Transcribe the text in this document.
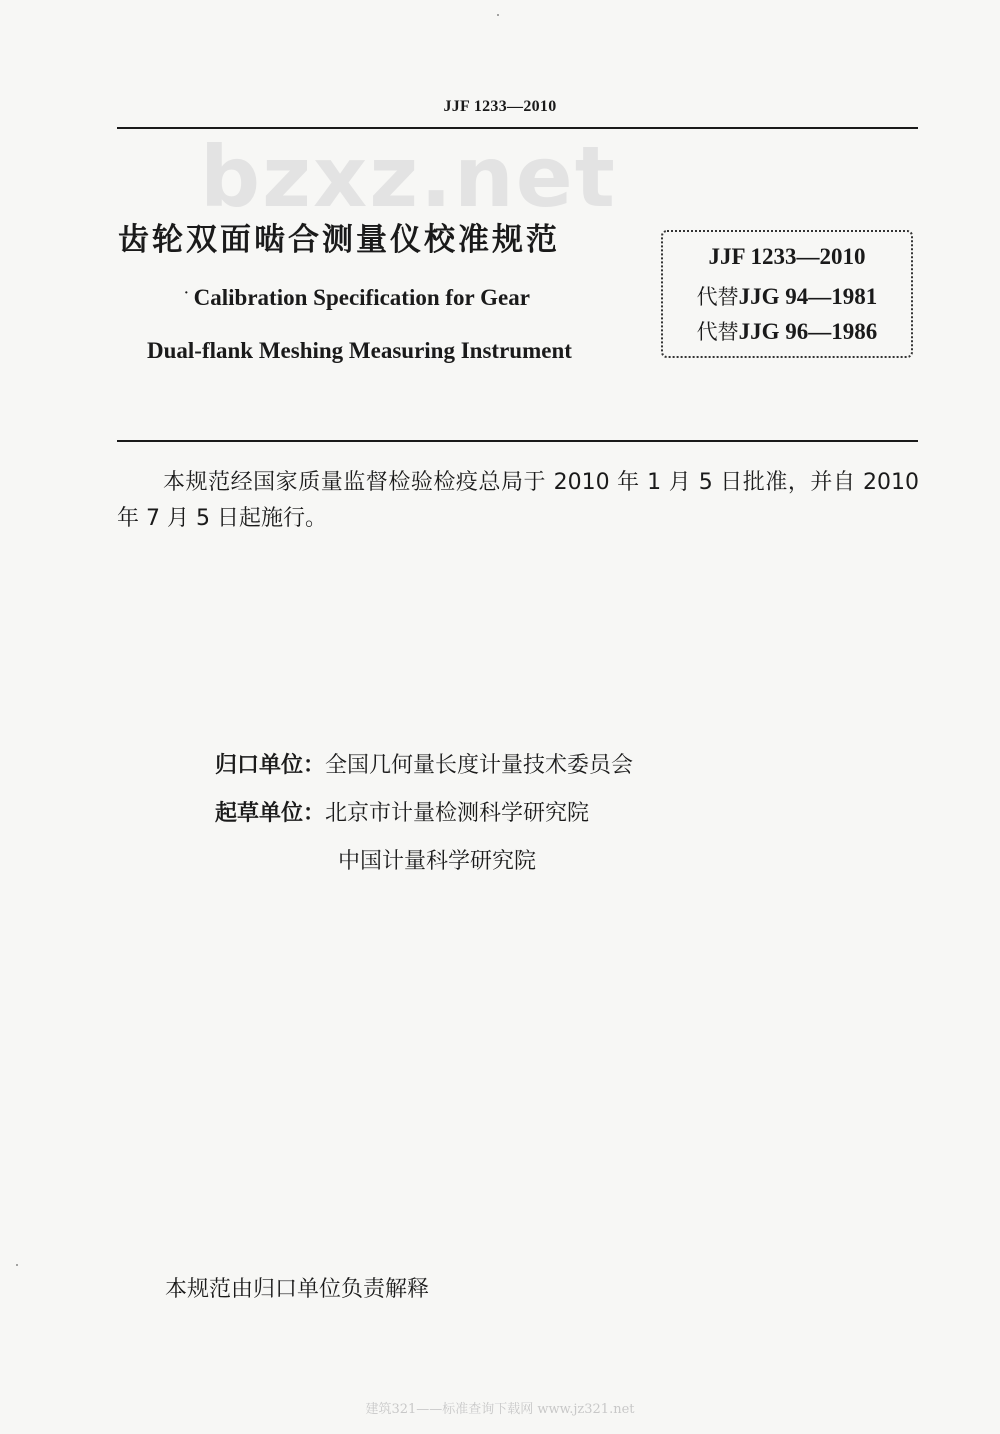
JJF 1233—2010
bzxz.net
齿轮双面啮合测量仪校准规范
· Calibration Specification for Gear
Dual-flank Meshing Measuring Instrument
JJF 1233—2010
代替JJG 94—1981
代替JJG 96—1986
本规范经国家质量监督检验检疫总局于 2010 年 1 月 5 日批准，并自 2010 年 7 月 5 日起施行。
归口单位：全国几何量长度计量技术委员会
起草单位：北京市计量检测科学研究院
中国计量科学研究院
本规范由归口单位负责解释
建筑321——标准查询下载网 www.jz321.net
